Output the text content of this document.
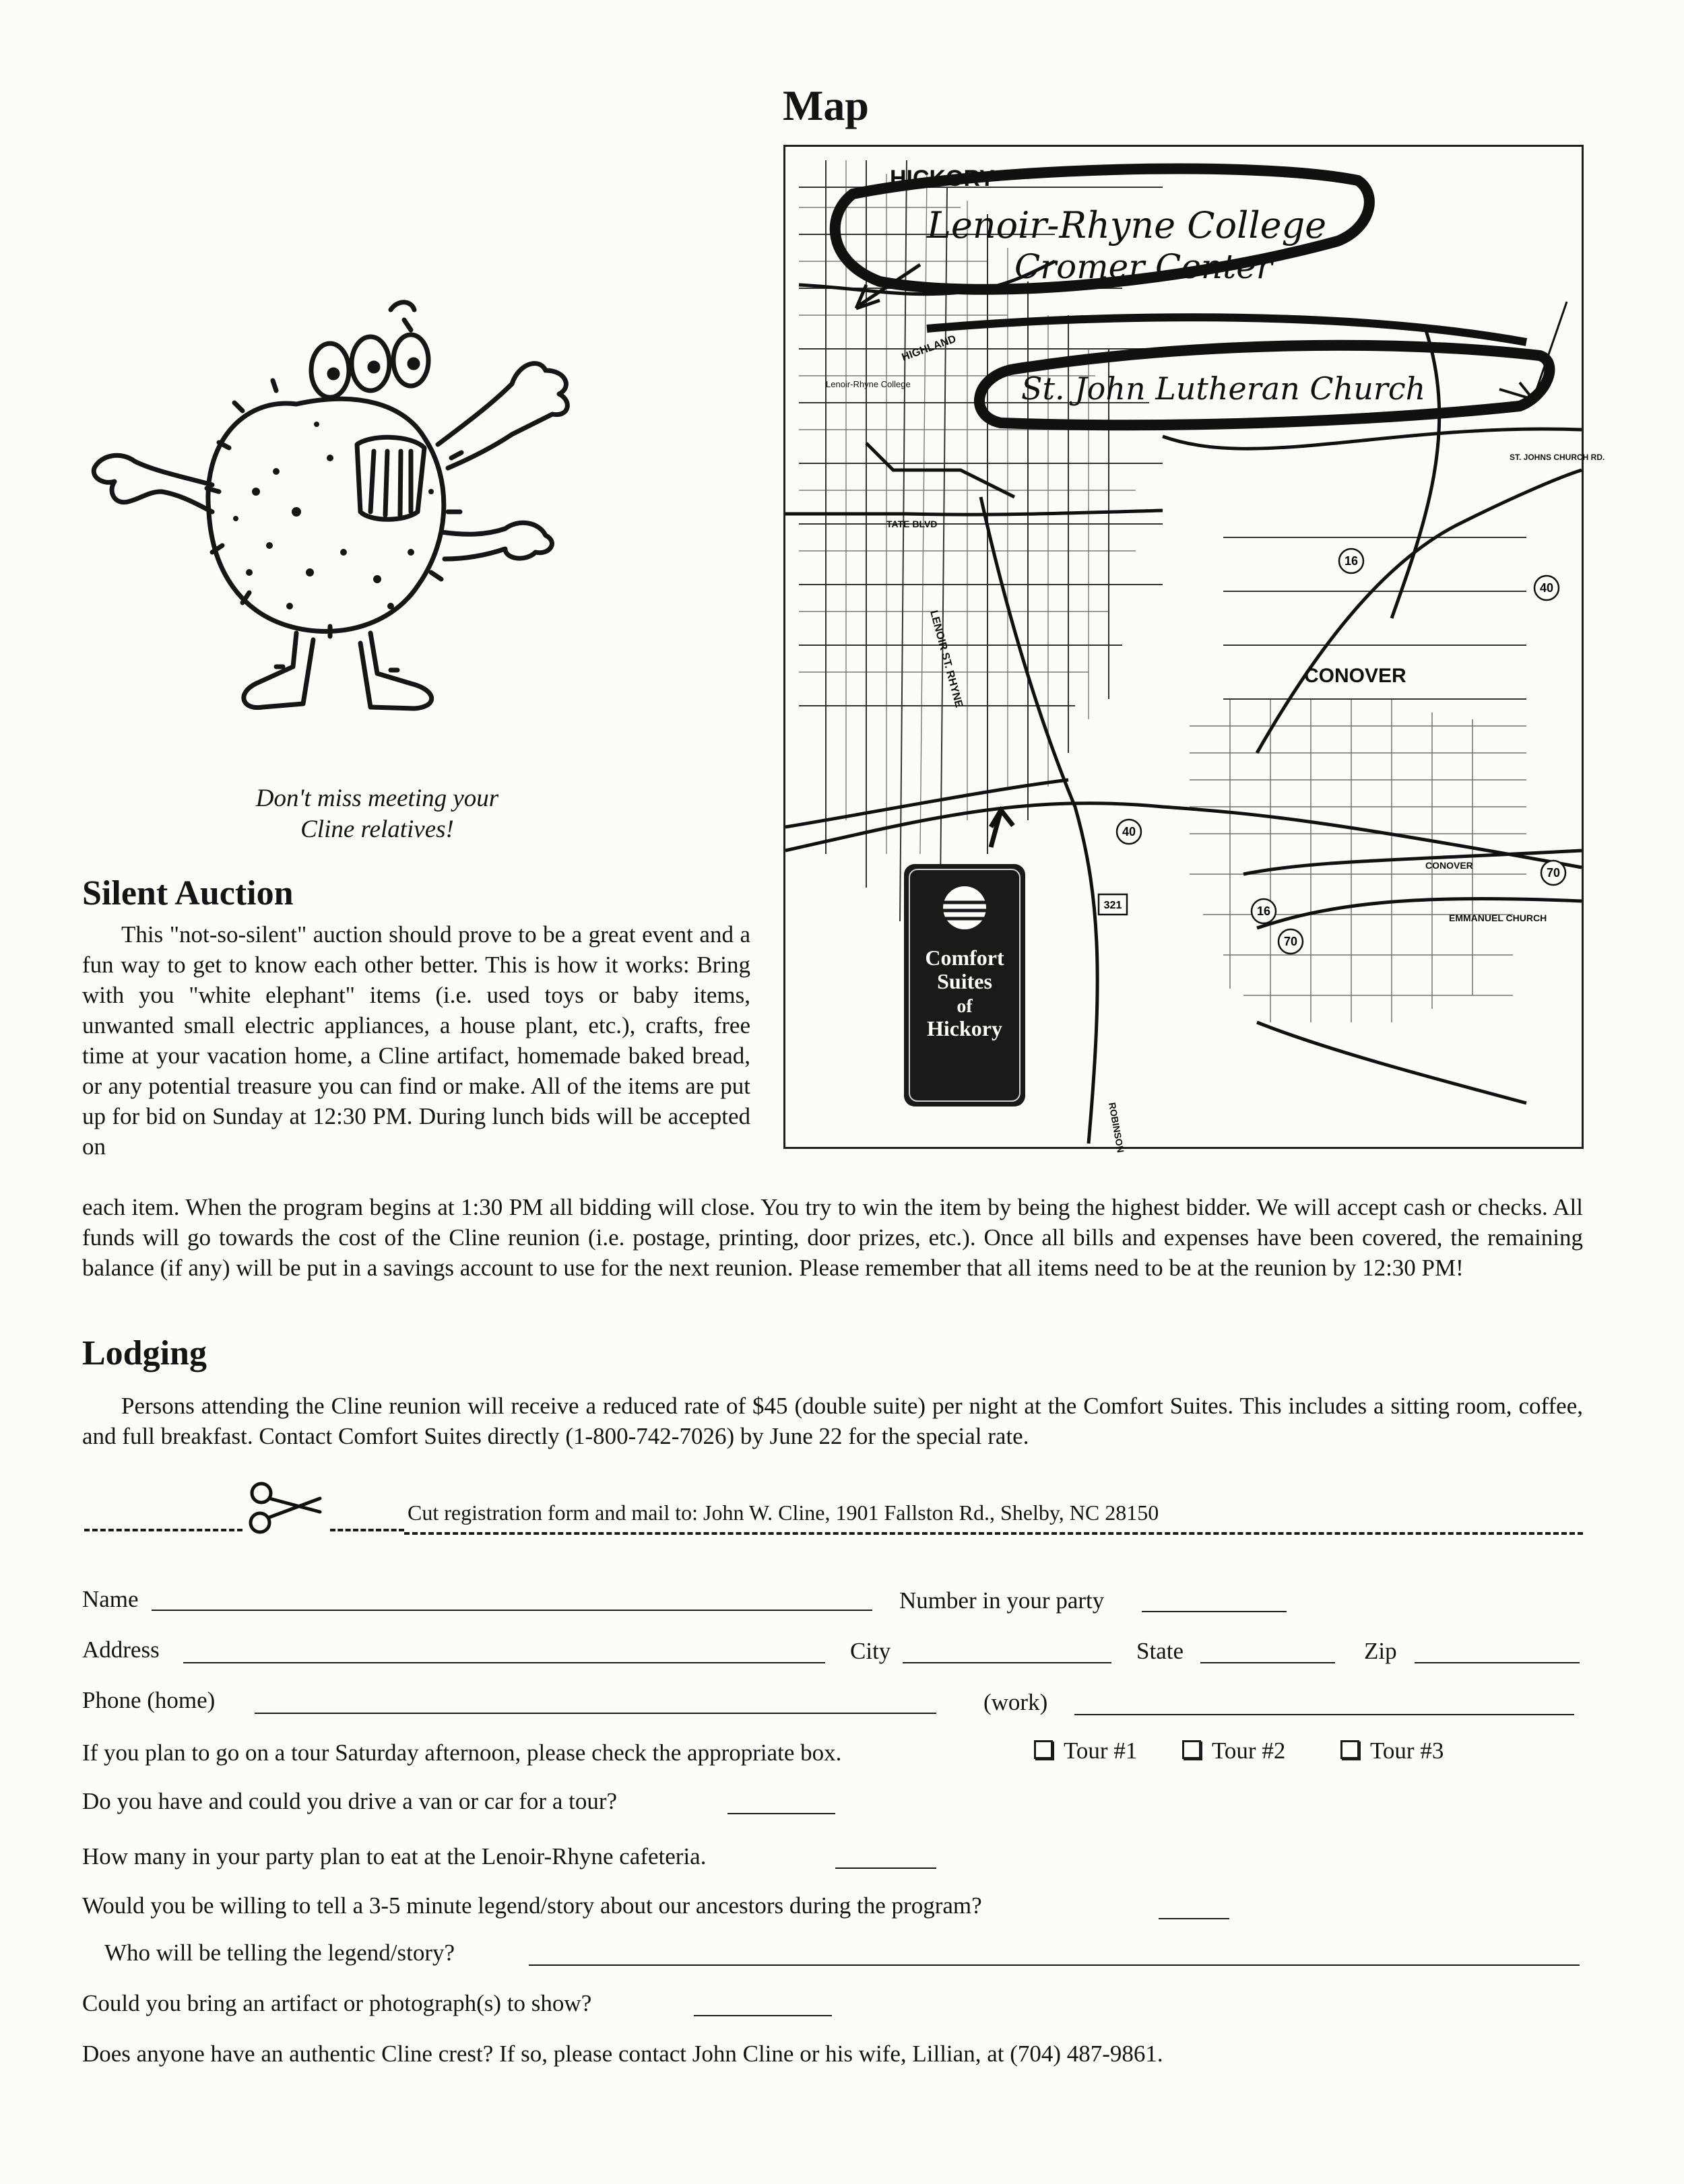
Don't miss meeting your
Cline relatives!
Map
16
40
40
321
70
70
16
HICKORY
CONOVER
Lenoir-Rhyne College
HIGHLAND
TATE BLVD
ST. JOHNS CHURCH RD.
CONOVER
EMMANUEL CHURCH
ROBINSON
LENOIR ST. RHYNE
Lenoir-Rhyne College
Cromer Center
St. John Lutheran Church
Comfort
Suites
of
Hickory
Silent Auction
This "not-so-silent" auction should prove to be a great event and a fun way to get to know each other better. This is how it works: Bring with you "white elephant" items (i.e. used toys or baby items, unwanted small electric appliances, a house plant, etc.), crafts, free time at your vacation home, a Cline artifact, homemade baked bread, or any potential treasure you can find or make. All of the items are put up for bid on Sunday at 12:30 PM. During lunch bids will be accepted on
each item. When the program begins at 1:30 PM all bidding will close. You try to win the item by being the highest bidder. We will accept cash or checks. All funds will go towards the cost of the Cline reunion (i.e. postage, printing, door prizes, etc.). Once all bills and expenses have been covered, the remaining balance (if any) will be put in a savings account to use for the next reunion. Please remember that all items need to be at the reunion by 12:30 PM!
Lodging
Persons attending the Cline reunion will receive a reduced rate of $45 (double suite) per night at the Comfort Suites. This includes a sitting room, coffee, and full breakfast. Contact Comfort Suites directly (1-800-742-7026) by June 22 for the special rate.
Cut registration form and mail to: John W. Cline, 1901 Fallston Rd., Shelby, NC 28150
Name	Number in your party
Address	City	State	Zip
Phone (home)	(work)
If you plan to go on a tour Saturday afternoon, please check the appropriate box.	Tour #1	Tour #2	Tour #3
Do you have and could you drive a van or car for a tour?
How many in your party plan to eat at the Lenoir-Rhyne cafeteria.
Would you be willing to tell a 3-5 minute legend/story about our ancestors during the program?
Who will be telling the legend/story?
Could you bring an artifact or photograph(s) to show?
Does anyone have an authentic Cline crest? If so, please contact John Cline or his wife, Lillian, at (704) 487-9861.
